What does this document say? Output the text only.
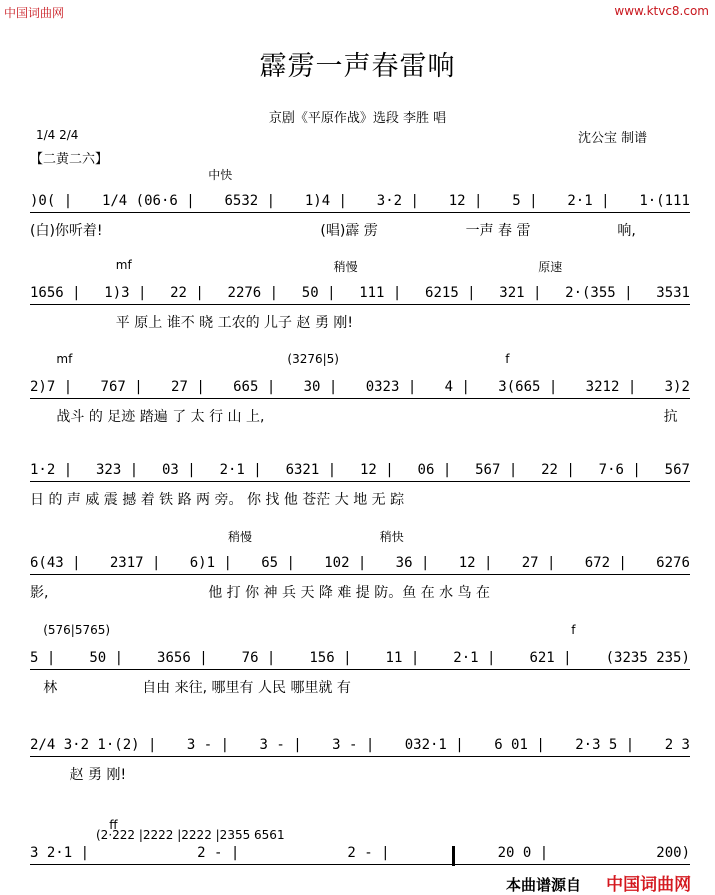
中国词曲网	www.ktvc8.com
霹雳一声春雷响
京剧《平原作战》选段 李胜 唱
1/4 2/4	沈公宝 制谱
【二黄二六】
中快
)0( | 1/4 (06·6 | 6532 | 1)4 | 3·2 | 12 | 5 | 2·1 | 1·(111
(白)你听着!	(唱)霹 雳	一声 春 雷	响,
mf	稍慢	原速
1656 | 1)3 | 22 | 2276 | 50 | 111 | 6215 | 321 | 2·(355 | 3531
平 原上 谁不 晓 工农的 儿子 赵 勇 刚!
mf	(3276|5)	f
2)7 | 767 | 27 | 665 | 30 | 0323 | 4 | 3(665 | 3212 | 3)2
战斗 的 足迹 踏遍 了 太 行 山 上,	抗
1·2 | 323 | 03 | 2·1 | 6321 | 12 | 06 | 567 | 22 | 7·6 | 567
日 的 声 威 震 撼 着 铁 路 两 旁。 你 找 他 苍茫 大 地 无 踪
稍慢	稍快
6(43 | 2317 | 6)1 | 65 | 102 | 36 | 12 | 27 | 672 | 6276
影,	他 打 你 神 兵 天 降 难 提 防。鱼 在 水 鸟 在
(576|5765)	f
5 | 50 | 3656 | 76 | 156 | 11 | 2·1 | 621 | (3235 235)
林	自由 来往, 哪里有 人民 哪里就 有
2/4 3·2 1·(2) | 3 - | 3 - | 3 - | 032·1 | 6 01 | 2·3 5 | 2 3
赵 勇 刚!
ff
(2·222 |2222 |2222 |2355 6561
3 2·1 |	2 - |	2 - |	20 0 |	200)
本曲谱源自 中国词曲网
